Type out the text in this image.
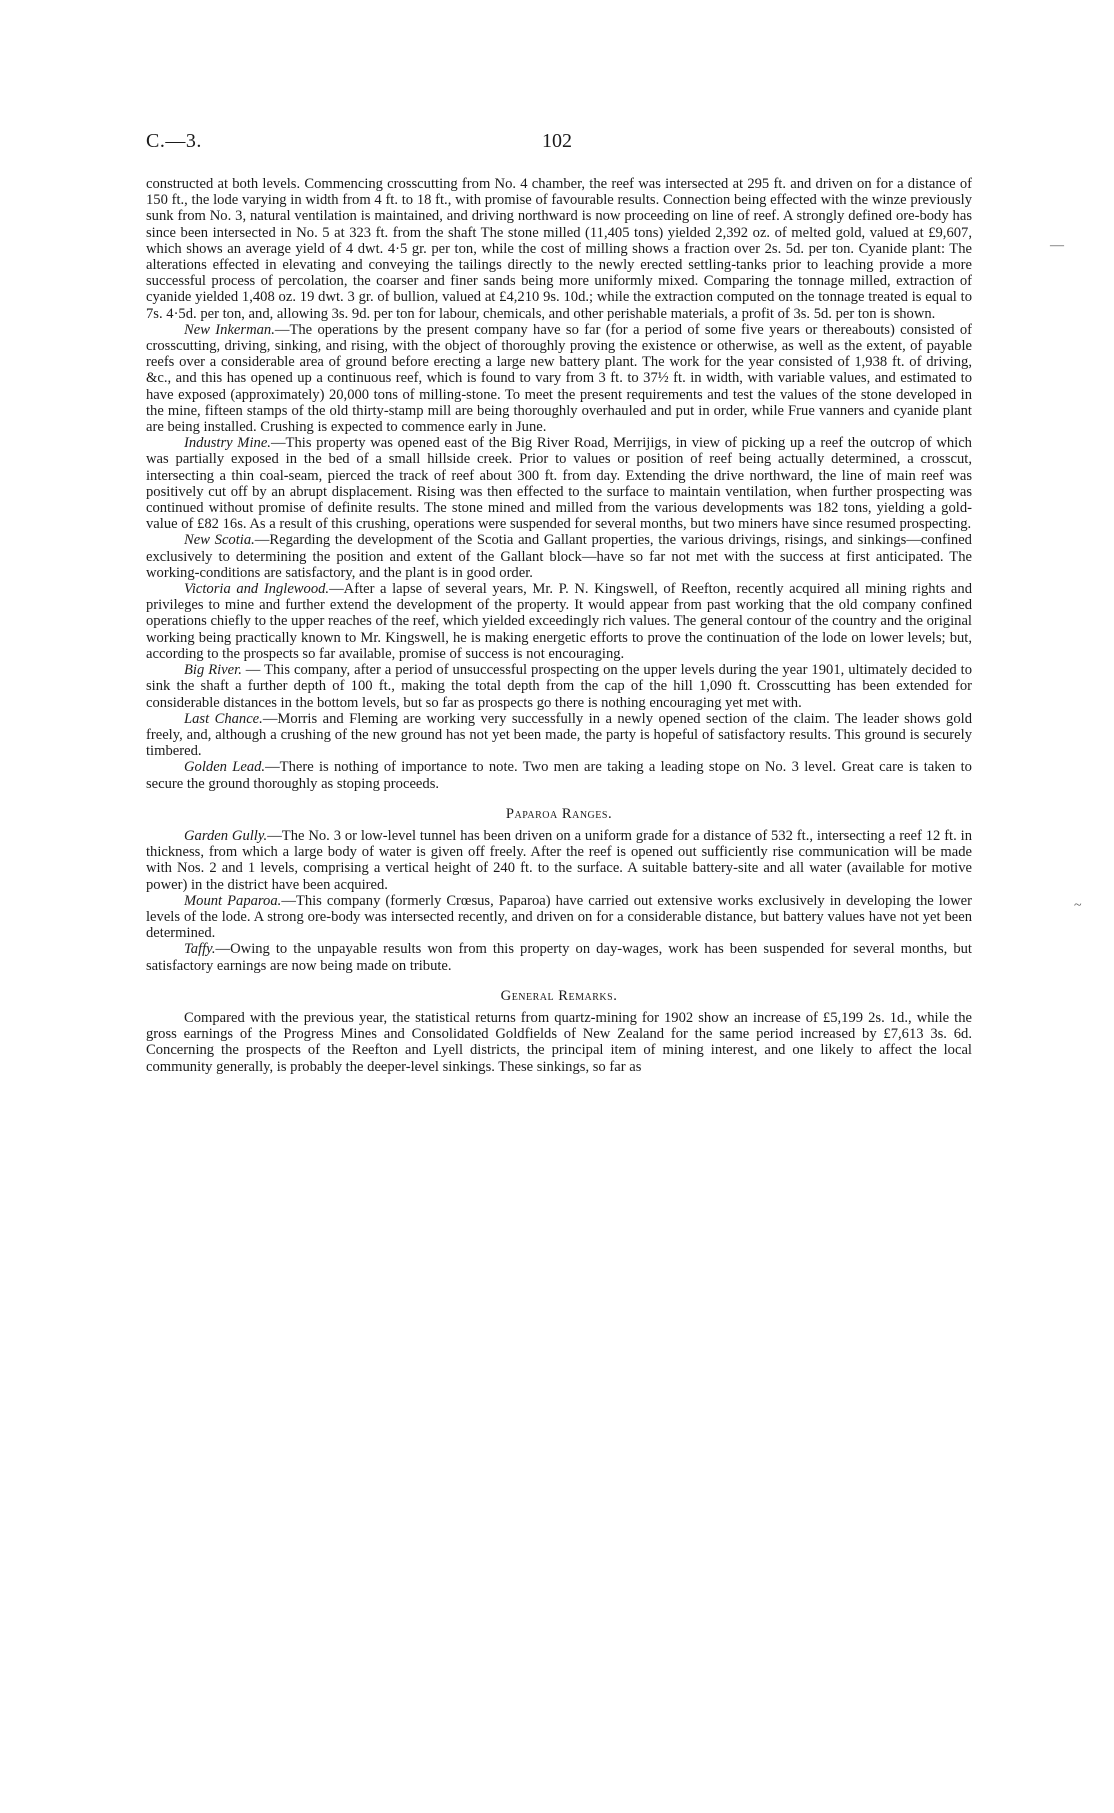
C.—3.	102

constructed at both levels. Commencing crosscutting from No. 4 chamber, the reef was intersected at 295 ft. and driven on for a distance of 150 ft., the lode varying in width from 4 ft. to 18 ft., with promise of favourable results. Connection being effected with the winze previously sunk from No. 3, natural ventilation is maintained, and driving northward is now proceeding on line of reef. A strongly defined ore-body has since been intersected in No. 5 at 323 ft. from the shaft The stone milled (11,405 tons) yielded 2,392 oz. of melted gold, valued at £9,607, which shows an average yield of 4 dwt. 4·5 gr. per ton, while the cost of milling shows a fraction over 2s. 5d. per ton. Cyanide plant: The alterations effected in elevating and conveying the tailings directly to the newly erected settling-tanks prior to leaching provide a more successful process of percolation, the coarser and finer sands being more uniformly mixed. Comparing the tonnage milled, extraction of cyanide yielded 1,408 oz. 19 dwt. 3 gr. of bullion, valued at £4,210 9s. 10d.; while the extraction computed on the tonnage treated is equal to 7s. 4·5d. per ton, and, allowing 3s. 9d. per ton for labour, chemicals, and other perishable materials, a profit of 3s. 5d. per ton is shown.

New Inkerman.—The operations by the present company have so far (for a period of some five years or thereabouts) consisted of crosscutting, driving, sinking, and rising, with the object of thoroughly proving the existence or otherwise, as well as the extent, of payable reefs over a considerable area of ground before erecting a large new battery plant. The work for the year consisted of 1,938 ft. of driving, &c., and this has opened up a continuous reef, which is found to vary from 3 ft. to 37½ ft. in width, with variable values, and estimated to have exposed (approximately) 20,000 tons of milling-stone. To meet the present requirements and test the values of the stone developed in the mine, fifteen stamps of the old thirty-stamp mill are being thoroughly overhauled and put in order, while Frue vanners and cyanide plant are being installed. Crushing is expected to commence early in June.

Industry Mine.—This property was opened east of the Big River Road, Merrijigs, in view of picking up a reef the outcrop of which was partially exposed in the bed of a small hillside creek. Prior to values or position of reef being actually determined, a crosscut, intersecting a thin coal-seam, pierced the track of reef about 300 ft. from day. Extending the drive northward, the line of main reef was positively cut off by an abrupt displacement. Rising was then effected to the surface to maintain ventilation, when further prospecting was continued without promise of definite results. The stone mined and milled from the various developments was 182 tons, yielding a gold-value of £82 16s. As a result of this crushing, operations were suspended for several months, but two miners have since resumed prospecting.

New Scotia.—Regarding the development of the Scotia and Gallant properties, the various drivings, risings, and sinkings—confined exclusively to determining the position and extent of the Gallant block—have so far not met with the success at first anticipated. The working-conditions are satisfactory, and the plant is in good order.

Victoria and Inglewood.—After a lapse of several years, Mr. P. N. Kingswell, of Reefton, recently acquired all mining rights and privileges to mine and further extend the development of the property. It would appear from past working that the old company confined operations chiefly to the upper reaches of the reef, which yielded exceedingly rich values. The general contour of the country and the original working being practically known to Mr. Kingswell, he is making energetic efforts to prove the continuation of the lode on lower levels; but, according to the prospects so far available, promise of success is not encouraging.

Big River. — This company, after a period of unsuccessful prospecting on the upper levels during the year 1901, ultimately decided to sink the shaft a further depth of 100 ft., making the total depth from the cap of the hill 1,090 ft. Crosscutting has been extended for considerable distances in the bottom levels, but so far as prospects go there is nothing encouraging yet met with.

Last Chance.—Morris and Fleming are working very successfully in a newly opened section of the claim. The leader shows gold freely, and, although a crushing of the new ground has not yet been made, the party is hopeful of satisfactory results. This ground is securely timbered.

Golden Lead.—There is nothing of importance to note. Two men are taking a leading stope on No. 3 level. Great care is taken to secure the ground thoroughly as stoping proceeds.

Paparoa Ranges.

Garden Gully.—The No. 3 or low-level tunnel has been driven on a uniform grade for a distance of 532 ft., intersecting a reef 12 ft. in thickness, from which a large body of water is given off freely. After the reef is opened out sufficiently rise communication will be made with Nos. 2 and 1 levels, comprising a vertical height of 240 ft. to the surface. A suitable battery-site and all water (available for motive power) in the district have been acquired.

Mount Paparoa.—This company (formerly Crœsus, Paparoa) have carried out extensive works exclusively in developing the lower levels of the lode. A strong ore-body was intersected recently, and driven on for a considerable distance, but battery values have not yet been determined.

Taffy.—Owing to the unpayable results won from this property on day-wages, work has been suspended for several months, but satisfactory earnings are now being made on tribute.

General Remarks.

Compared with the previous year, the statistical returns from quartz-mining for 1902 show an increase of £5,199 2s. 1d., while the gross earnings of the Progress Mines and Consolidated Goldfields of New Zealand for the same period increased by £7,613 3s. 6d. Concerning the prospects of the Reefton and Lyell districts, the principal item of mining interest, and one likely to affect the local community generally, is probably the deeper-level sinkings. These sinkings, so far as

—
~
